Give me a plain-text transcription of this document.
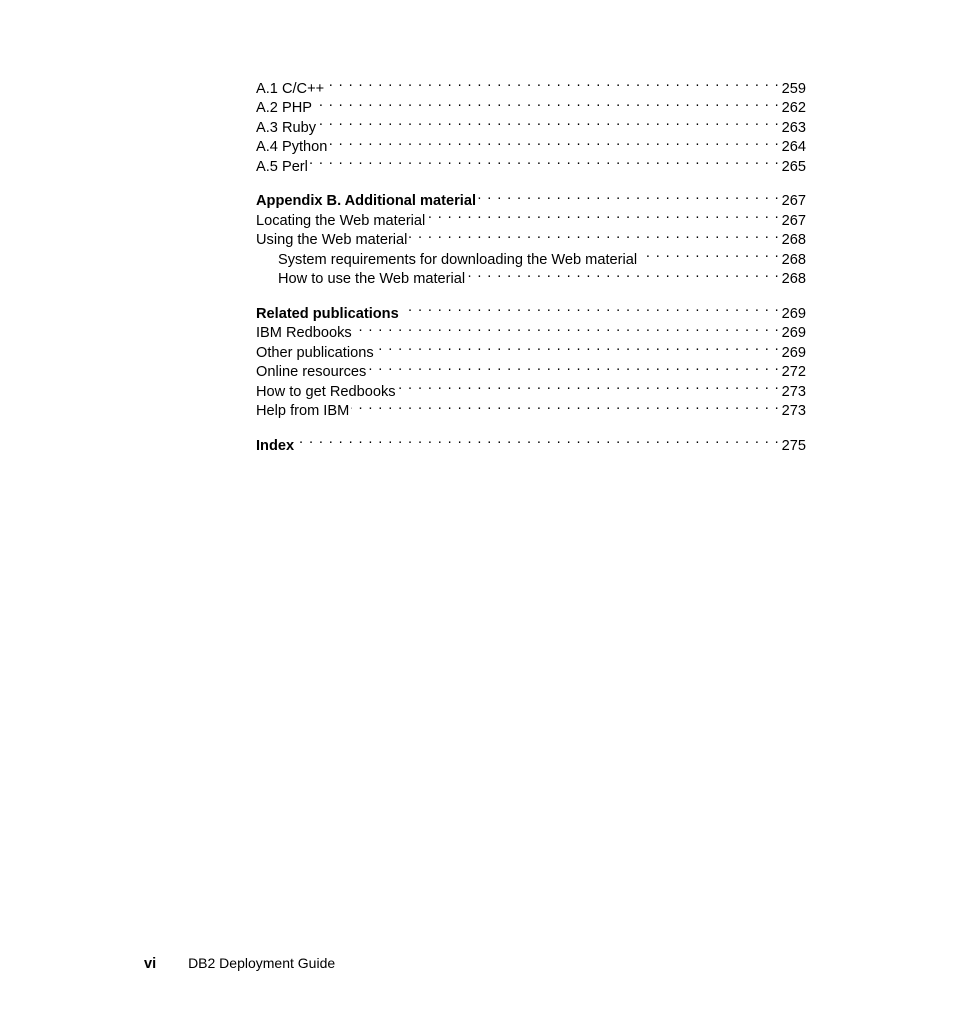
A.1 C/C++ . . .	259
A.2 PHP . . .	262
A.3 Ruby . . .	263
A.4 Python . . .	264
A.5 Perl . . .	265
Appendix B. Additional material . . .	267
Locating the Web material . . .	267
Using the Web material . . .	268
System requirements for downloading the Web material . . .	268
How to use the Web material . . .	268
Related publications . . .	269
IBM Redbooks . . .	269
Other publications . . .	269
Online resources . . .	272
How to get Redbooks . . .	273
Help from IBM . . .	273
Index . . .	275
vi DB2 Deployment Guide
